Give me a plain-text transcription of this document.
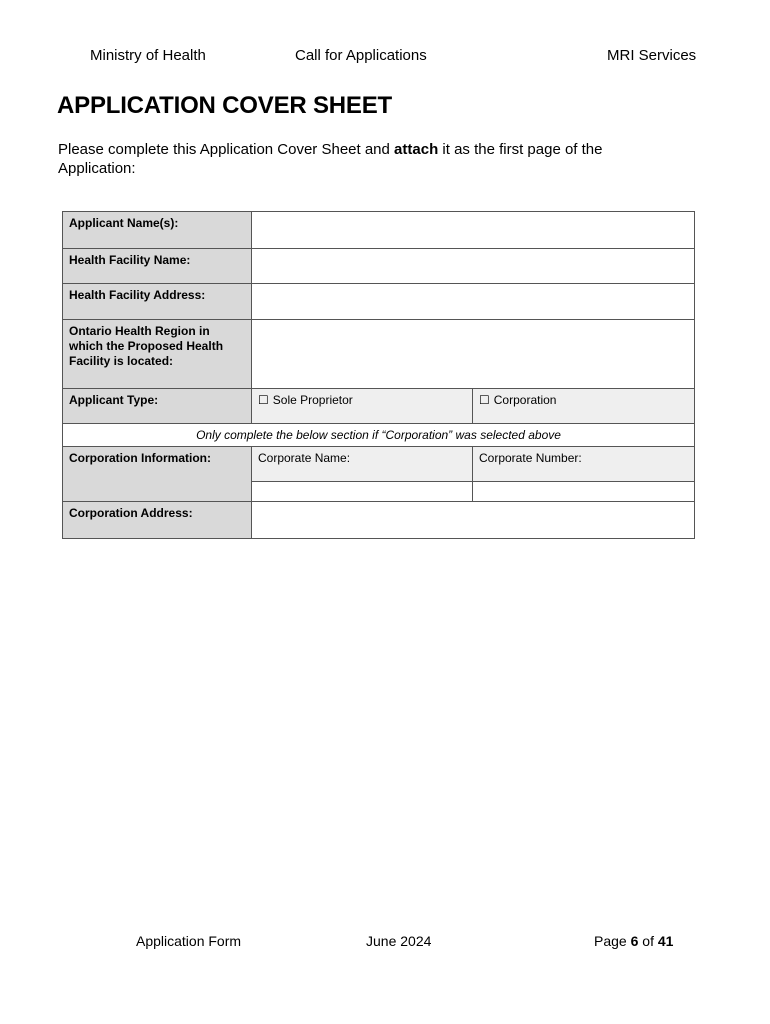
Ministry of Health	Call for Applications	MRI Services
APPLICATION COVER SHEET
Please complete this Application Cover Sheet and attach it as the first page of the Application:
Applicant Name(s):		
Health Facility Name:		
Health Facility Address:		
Ontario Health Region in which the Proposed Health Facility is located:		
Applicant Type:	☐ Sole Proprietor	☐ Corporation
Only complete the below section if “Corporation” was selected above		
Corporation Information:	Corporate Name:	Corporate Number:

Corporation Address:		
Application Form	June 2024	Page 6 of 41
